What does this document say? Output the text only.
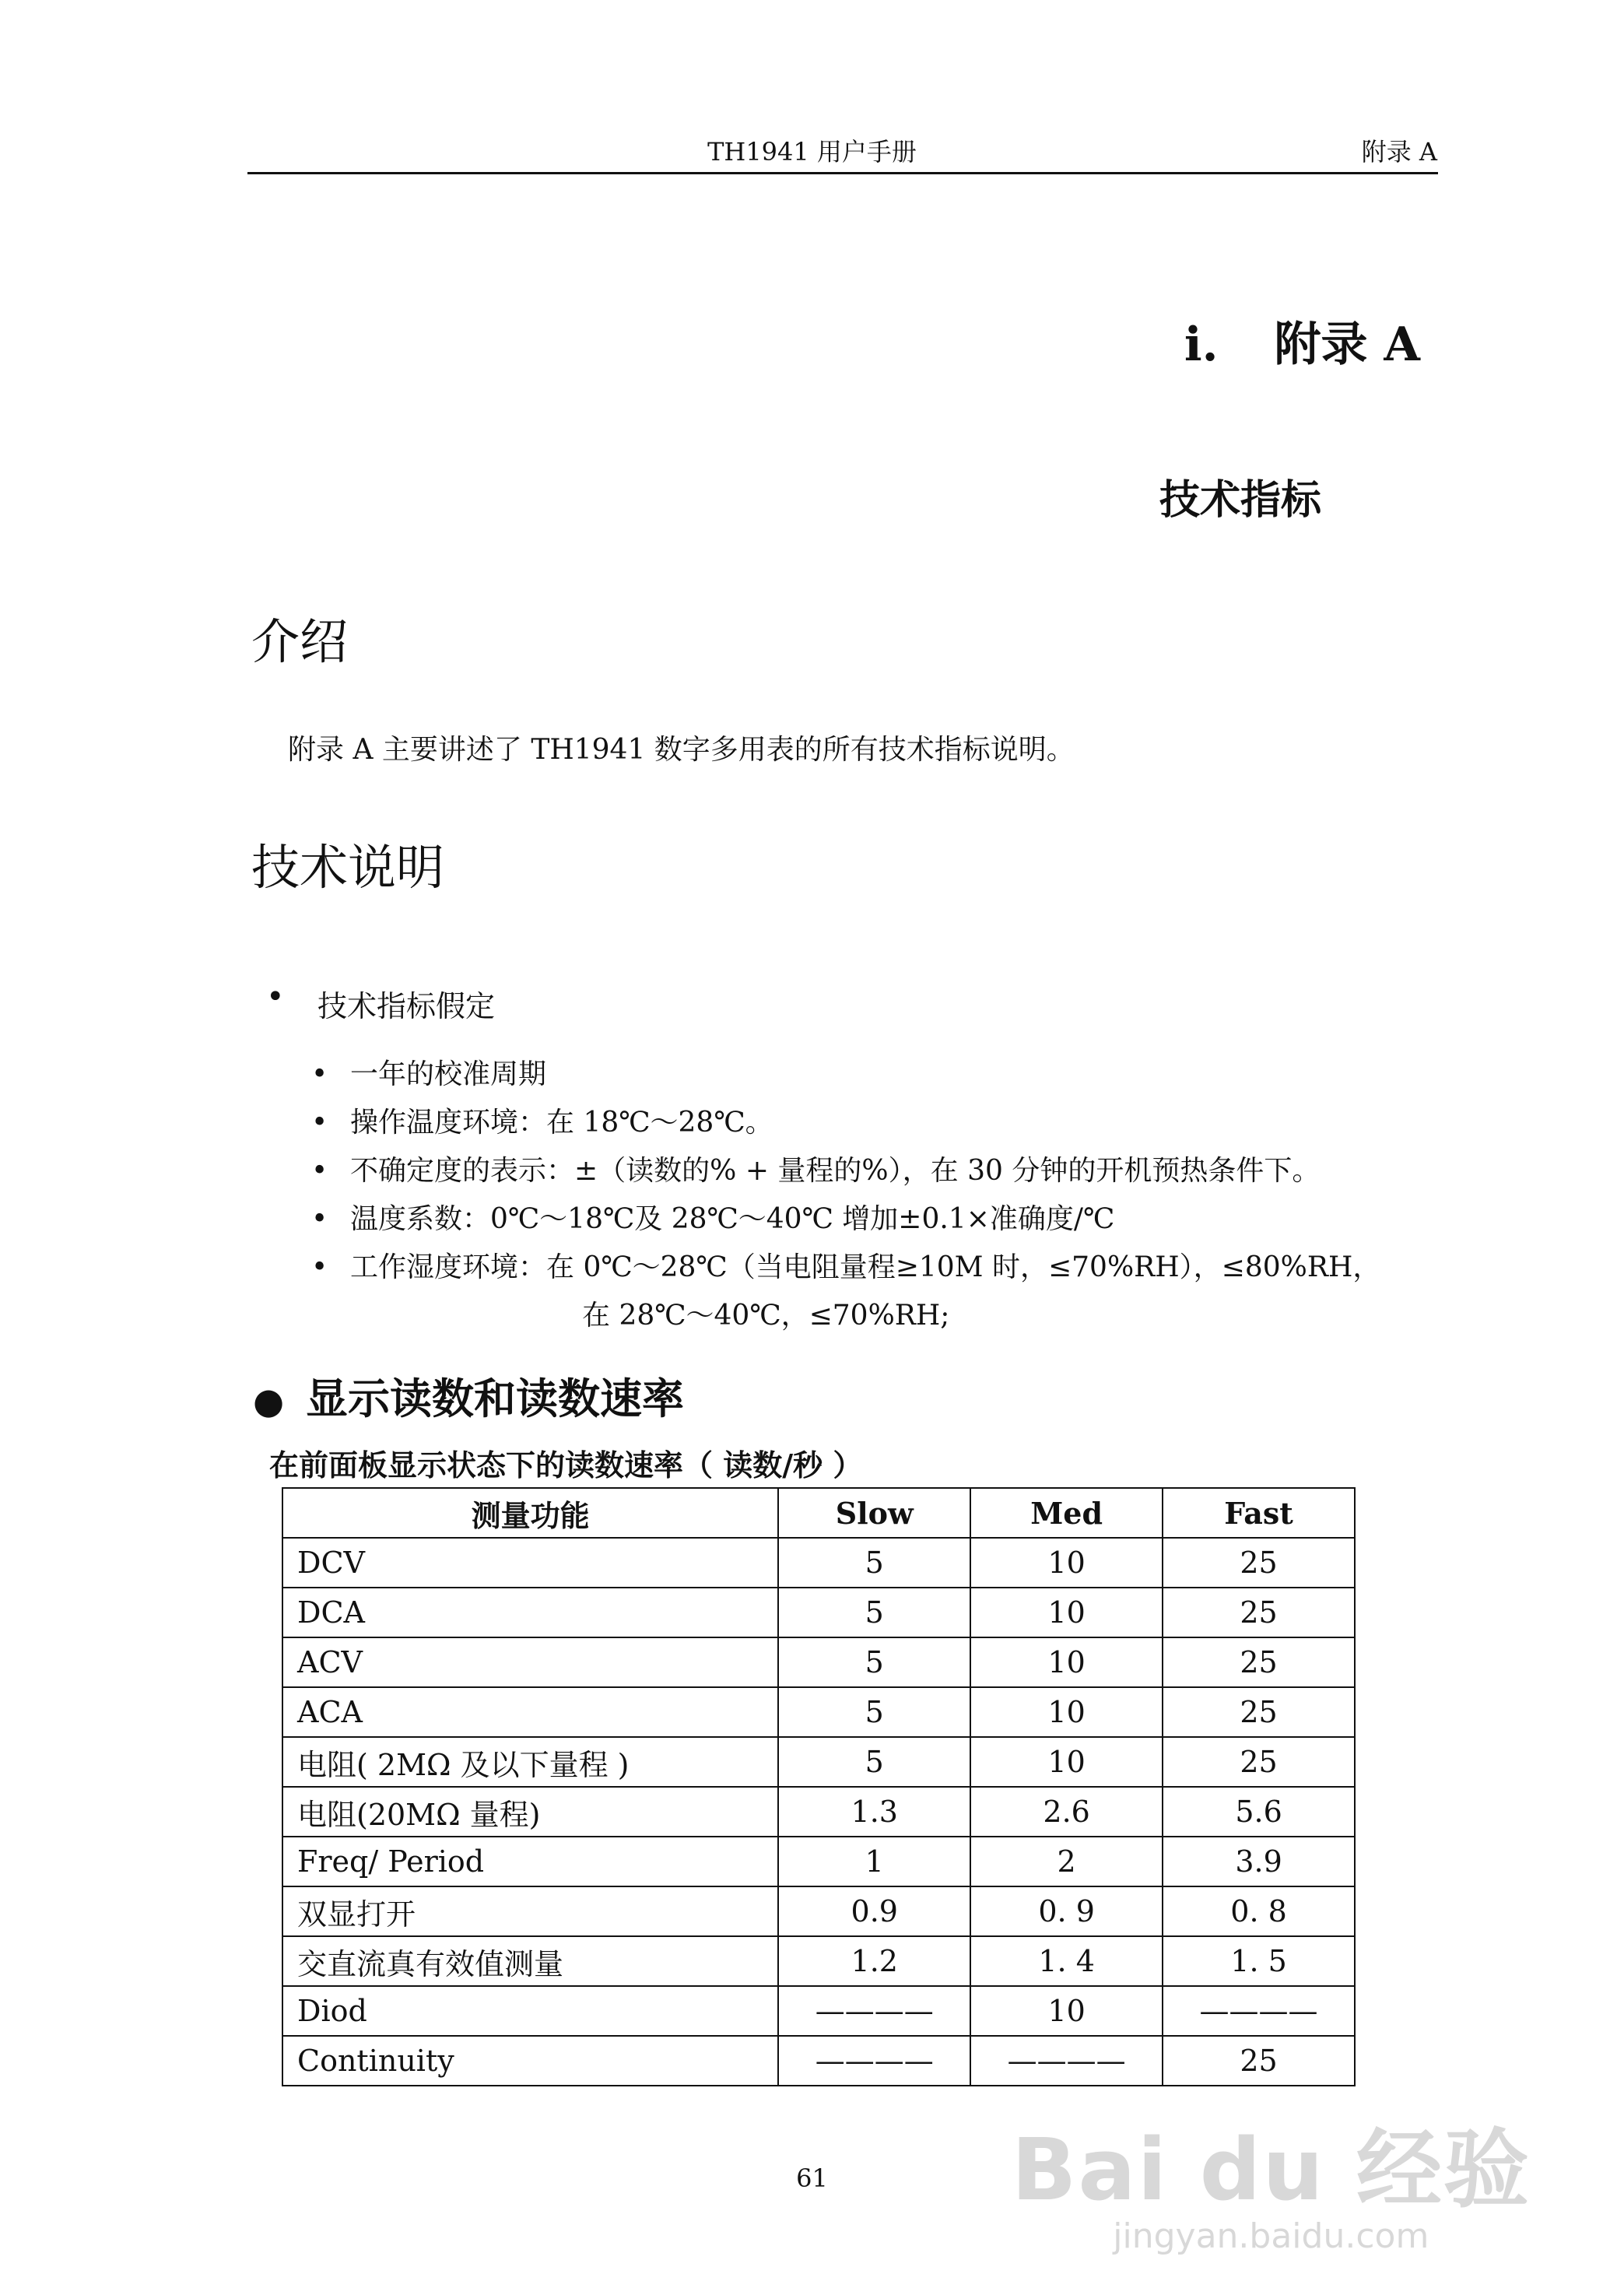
TH1941 用户手册	附录 A
i. 附录 A
技术指标
介绍
附录 A 主要讲述了 TH1941 数字多用表的所有技术指标说明。
技术说明
• 技术指标假定
• 一年的校准周期
• 操作温度环境：在 18℃～28℃。
• 不确定度的表示：±（读数的% + 量程的%），在 30 分钟的开机预热条件下。
• 温度系数：0℃～18℃及 28℃～40℃ 增加±0.1×准确度/℃
• 工作湿度环境：在 0℃～28℃（当电阻量程≥10M 时，≤70%RH），≤80%RH，
在 28℃～40℃，≤70%RH;
● 显示读数和读数速率
在前面板显示状态下的读数速率（ 读数/秒 ）
测量功能	Slow	Med	Fast
DCV	5	10	25
DCA	5	10	25
ACV	5	10	25
ACA	5	10	25
电阻( 2MΩ 及以下量程 )	5	10	25
电阻(20MΩ 量程)	1.3	2.6	5.6
Freq/ Period	1	2	3.9
双显打开	0.9	0. 9	0. 8
交直流真有效值测量	1.2	1. 4	1. 5
Diod	————	10	————
Continuity	————	————	25
61	Bai du 经验
jingyan.baidu.com
